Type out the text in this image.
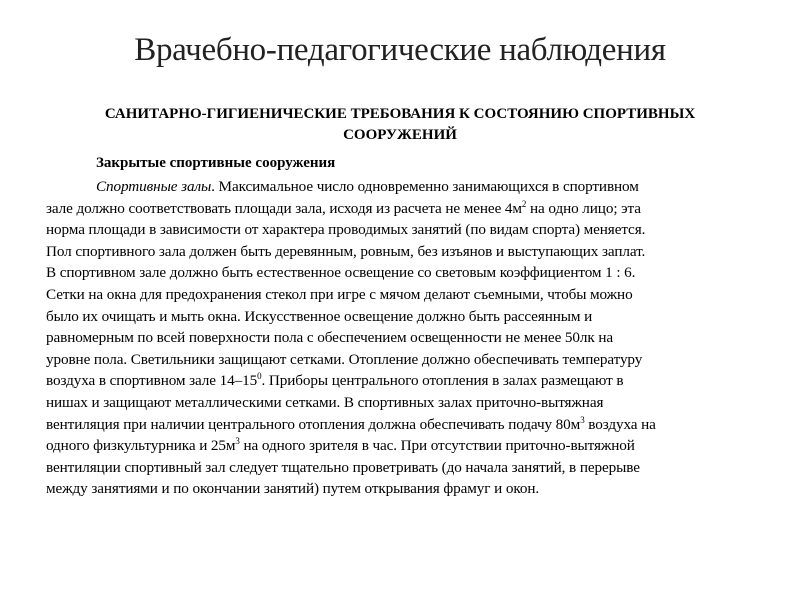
Врачебно-педагогические наблюдения
САНИТАРНО-ГИГИЕНИЧЕСКИЕ ТРЕБОВАНИЯ К СОСТОЯНИЮ СПОРТИВНЫХ
СООРУЖЕНИЙ
Закрытые спортивные сооружения
Спортивные залы. Максимальное число одновременно занимающихся в спортивном
зале должно соответствовать площади зала, исходя из расчета не менее $4м^2$ на одно лицо; эта
норма площади в зависимости от характера проводимых занятий (по видам спорта) меняется.
Пол спортивного зала должен быть деревянным, ровным, без изъянов и выступающих заплат.
В спортивном зале должно быть естественное освещение со световым коэффициентом 1 : 6.
Сетки на окна для предохранения стекол при игре с мячом делают съемными, чтобы можно
было их очищать и мыть окна. Искусственное освещение должно быть рассеянным и
равномерным по всей поверхности пола с обеспечением освещенности не менее 50лк на
уровне пола. Светильники защищают сетками. Отопление должно обеспечивать температуру
воздуха в спортивном зале $14-15^0$. Приборы центрального отопления в залах размещают в
нишах и защищают металлическими сетками. В спортивных залах приточно-вытяжная
вентиляция при наличии центрального отопления должна обеспечивать подачу $80м^3$ воздуха на
одного физкультурника и $25м^3$ на одного зрителя в час. При отсутствии приточно-вытяжной
вентиляции спортивный зал следует тщательно проветривать (до начала занятий, в перерыве
между занятиями и по окончании занятий) путем открывания фрамуг и окон.
